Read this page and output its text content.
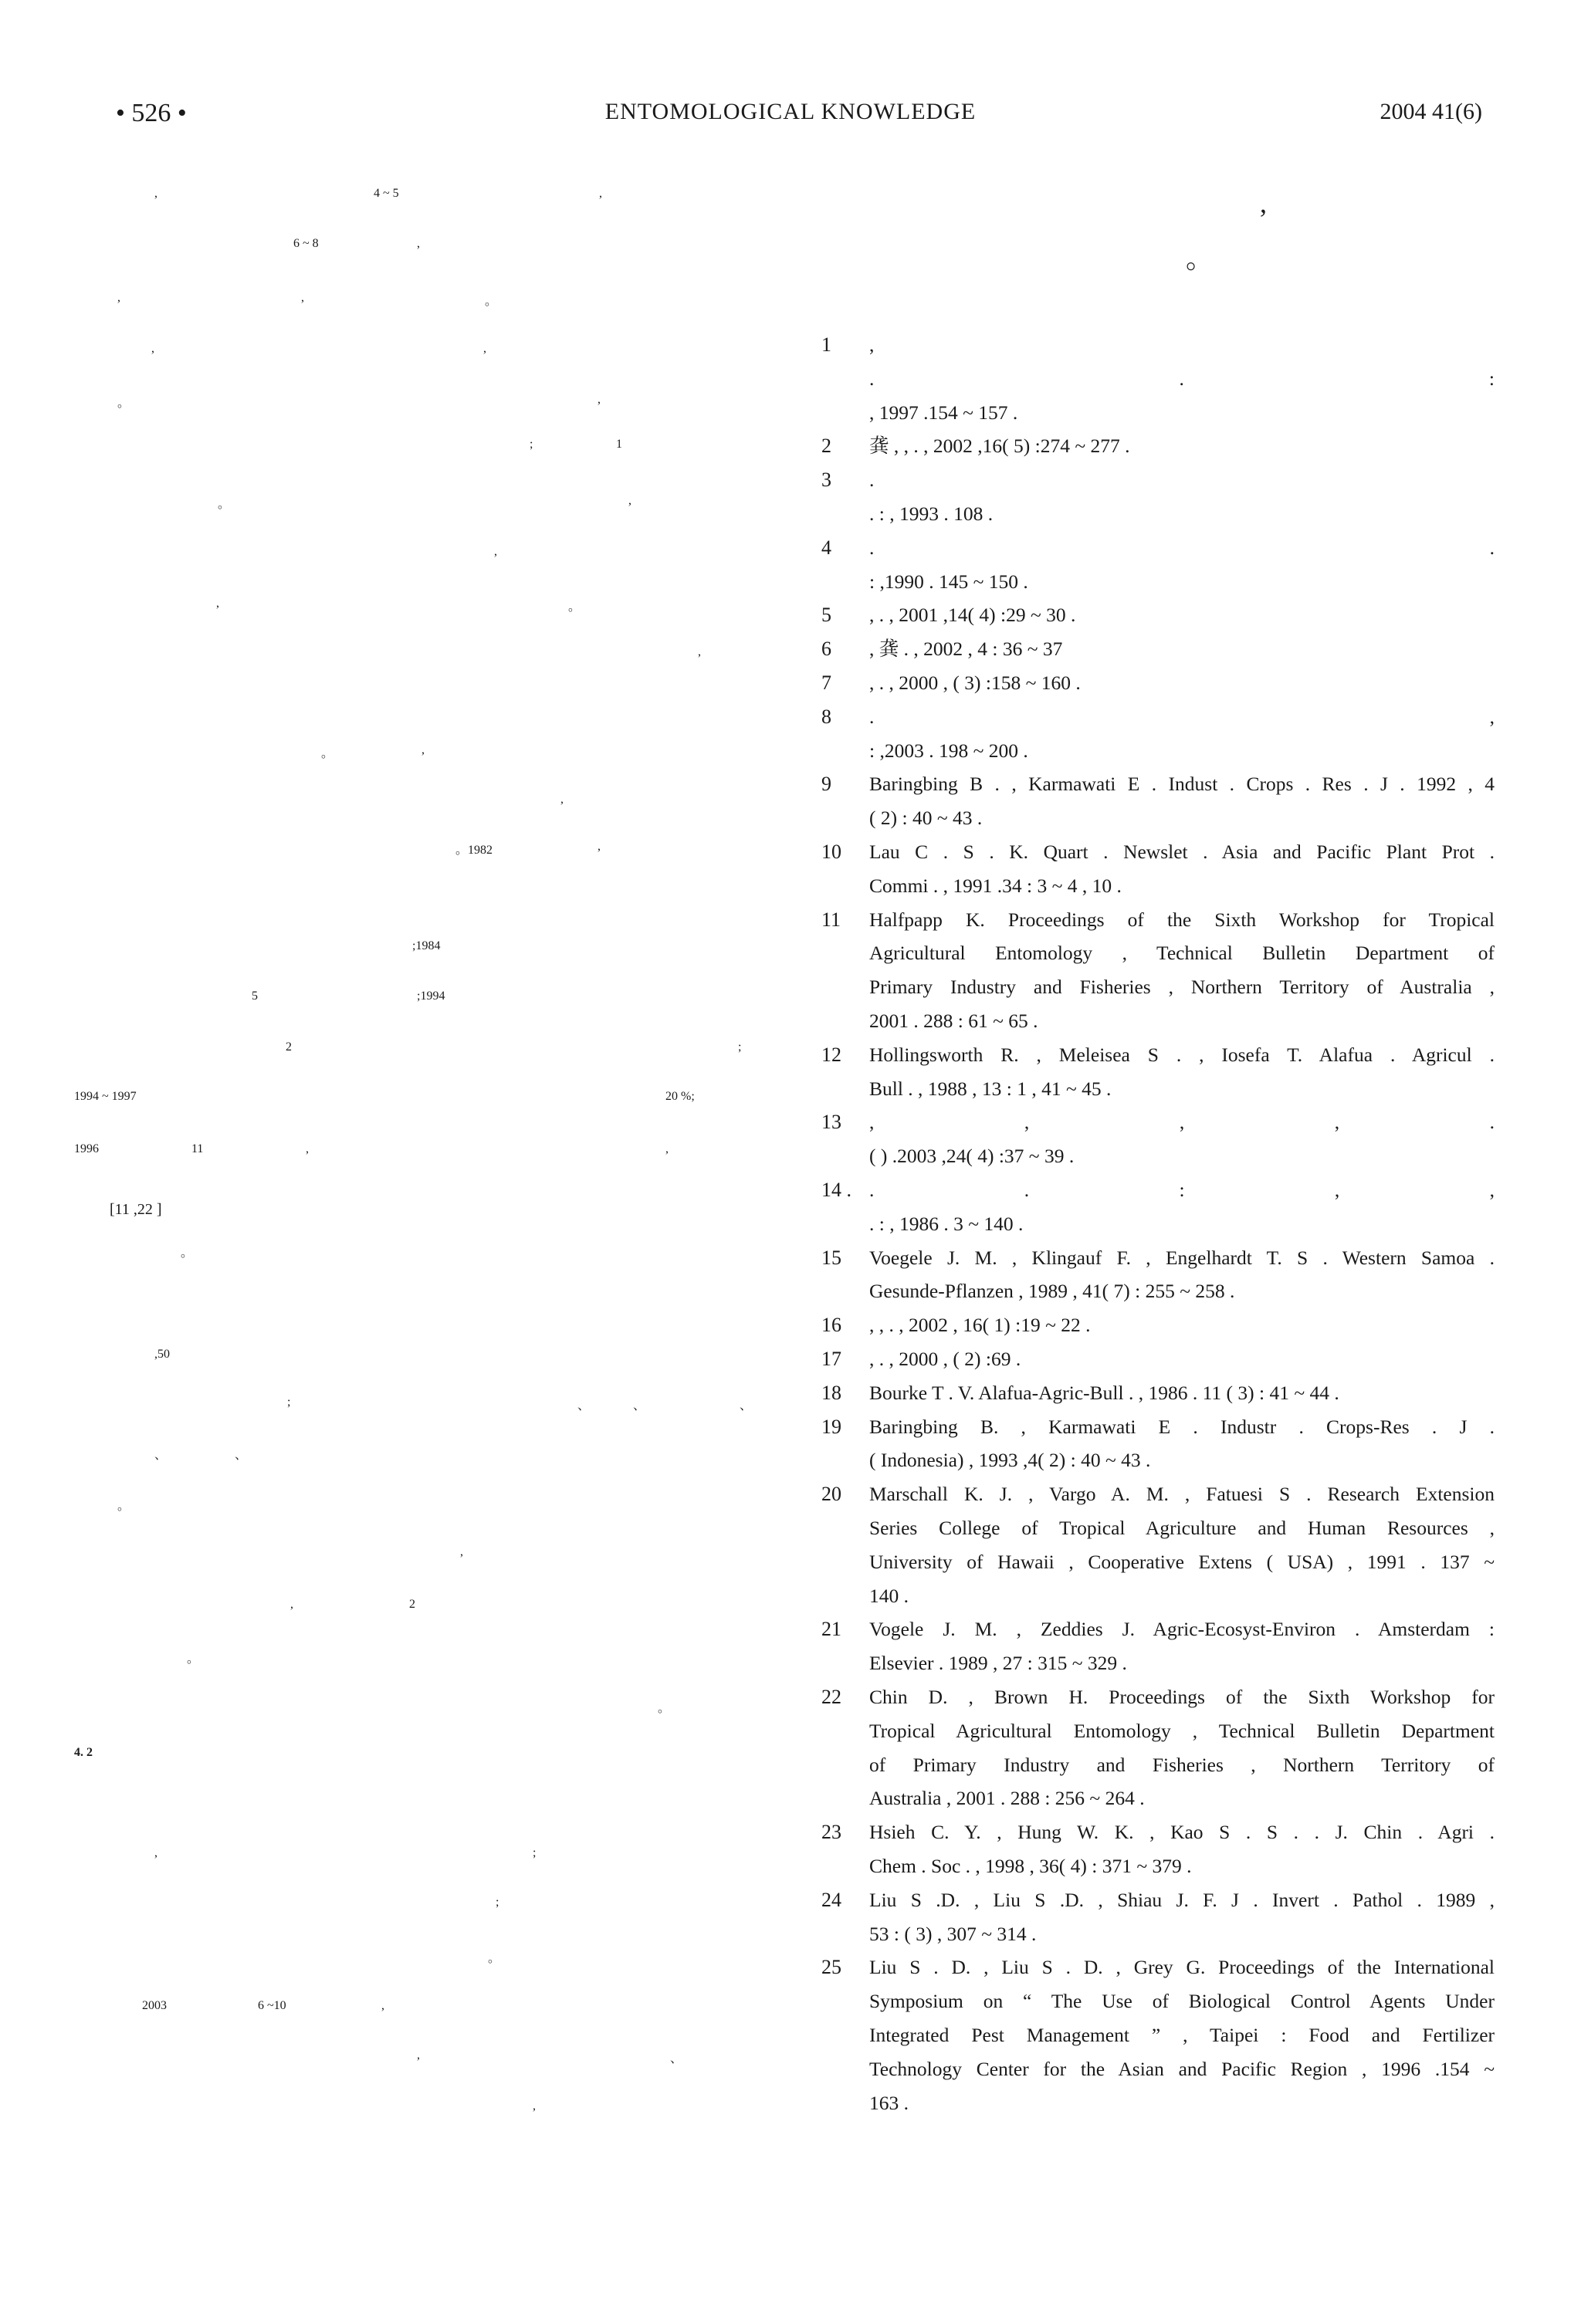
• 526 •	ENTOMOLOGICAL KNOWLEDGE	2004 41(6)
,	4 ~ 5	,
6 ~ 8	,
,	,	。
,	,
。	,
;	1
。	,
,
,	。
,
。	,
,
。1982	,
;1984
5	;1994
2	;
1994 ~ 1997	20 %;
1996	11	,	,
[11 ,22 ]
。
,50
;	、	、	、
、	、
。
,
,	2
。
。
4. 2
,	;
;
。
2003	6 ~10	,
,	、
,
,
。
1	,
. . :
, 1997 .154 ~ 157 .
2	龚 , , . , 2002 ,16( 5) :274 ~ 277 .
3	.
. : , 1993 . 108 .
4	. .
: ,1990 . 145 ~ 150 .
5	, . , 2001 ,14( 4) :29 ~ 30 .
6	, 龚 . , 2002 , 4 : 36 ~ 37
7	, . , 2000 , ( 3) :158 ~ 160 .
8	. ,
: ,2003 . 198 ~ 200 .
9	Baringbing B . , Karmawati E . Indust . Crops . Res . J . 1992 , 4
( 2) : 40 ~ 43 .
10	Lau C . S . K. Quart . Newslet . Asia and Pacific Plant Prot .
Commi . , 1991 .34 : 3 ~ 4 , 10 .
11	Halfpapp K. Proceedings of the Sixth Workshop for Tropical
Agricultural Entomology , Technical Bulletin Department of
Primary Industry and Fisheries , Northern Territory of Australia ,
2001 . 288 : 61 ~ 65 .
12	Hollingsworth R. , Meleisea S . , Iosefa T. Alafua . Agricul .
Bull . , 1988 , 13 : 1 , 41 ~ 45 .
13	, , , , .
( ) .2003 ,24( 4) :37 ~ 39 .
14 . . . : , ,
. : , 1986 . 3 ~ 140 .
15	Voegele J. M. , Klingauf F. , Engelhardt T. S . Western Samoa .
Gesunde-Pflanzen , 1989 , 41( 7) : 255 ~ 258 .
16	, , . , 2002 , 16( 1) :19 ~ 22 .
17	, . , 2000 , ( 2) :69 .
18	Bourke T . V. Alafua-Agric-Bull . , 1986 . 11 ( 3) : 41 ~ 44 .
19	Baringbing B. , Karmawati E . Industr . Crops-Res . J .
( Indonesia) , 1993 ,4( 2) : 40 ~ 43 .
20	Marschall K. J. , Vargo A. M. , Fatuesi S . Research Extension
Series College of Tropical Agriculture and Human Resources ,
University of Hawaii , Cooperative Extens ( USA) , 1991 . 137 ~
140 .
21	Vogele J. M. , Zeddies J. Agric-Ecosyst-Environ . Amsterdam :
Elsevier . 1989 , 27 : 315 ~ 329 .
22	Chin D. , Brown H. Proceedings of the Sixth Workshop for
Tropical Agricultural Entomology , Technical Bulletin Department
of Primary Industry and Fisheries , Northern Territory of
Australia , 2001 . 288 : 256 ~ 264 .
23	Hsieh C. Y. , Hung W. K. , Kao S . S . . J. Chin . Agri .
Chem . Soc . , 1998 , 36( 4) : 371 ~ 379 .
24	Liu S .D. , Liu S .D. , Shiau J. F. J . Invert . Pathol . 1989 ,
53 : ( 3) , 307 ~ 314 .
25	Liu S . D. , Liu S . D. , Grey G. Proceedings of the International
Symposium on “ The Use of Biological Control Agents Under
Integrated Pest Management ” , Taipei : Food and Fertilizer
Technology Center for the Asian and Pacific Region , 1996 .154 ~
163 .
